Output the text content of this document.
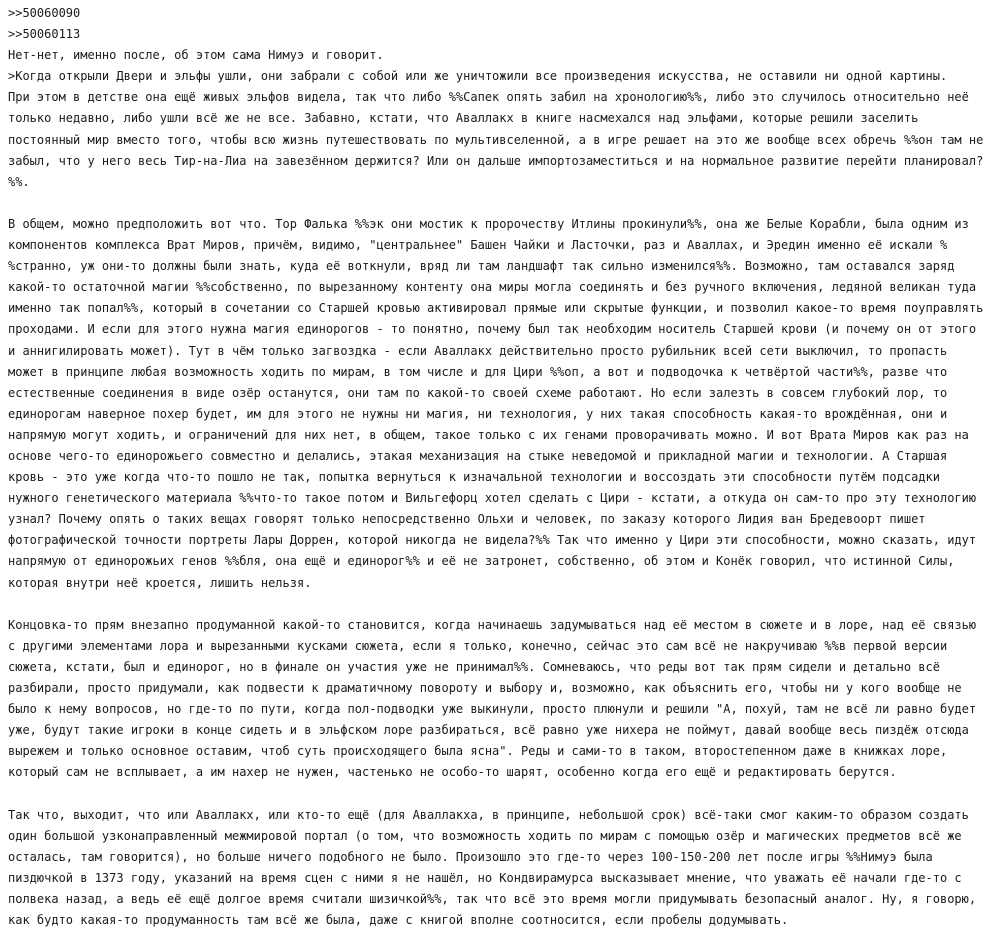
>>50060090
>>50060113
Нет-нет, именно после, об этом сама Нимуэ и говорит.
>Когда открыли Двери и эльфы ушли, они забрали с собой или же уничтожили все произведения искусства, не оставили ни одной картины.
При этом в детстве она ещё живых эльфов видела, так что либо %%Сапек опять забил на хронологию%%, либо это случилось относительно неё
только недавно, либо ушли всё же не все. Забавно, кстати, что Аваллакх в книге насмехался над эльфами, которые решили заселить
постоянный мир вместо того, чтобы всю жизнь путешествовать по мультивселенной, а в игре решает на это же вообще всех обречь %%он там не
забыл, что у него весь Тир-на-Лиа на завезённом держится? Или он дальше импортозаместиться и на нормальное развитие перейти планировал?
%%.
В общем, можно предположить вот что. Тор Фалька %%эк они мостик к пророчеству Итлины прокинули%%, она же Белые Корабли, была одним из
компонентов комплекса Врат Миров, причём, видимо, "центральнее" Башен Чайки и Ласточки, раз и Аваллах, и Эредин именно её искали %
%странно, уж они-то должны были знать, куда её воткнули, вряд ли там ландшафт так сильно изменился%%. Возможно, там оставался заряд
какой-то остаточной магии %%собственно, по вырезанному контенту она миры могла соединять и без ручного включения, ледяной великан туда
именно так попал%%, который в сочетании со Старшей кровью активировал прямые или скрытые функции, и позволил какое-то время поуправлять
проходами. И если для этого нужна магия единорогов - то понятно, почему был так необходим носитель Старшей крови (и почему он от этого
и аннигилировать может). Тут в чём только загвоздка - если Аваллакх действительно просто рубильник всей сети выключил, то пропасть
может в принципе любая возможность ходить по мирам, в том числе и для Цири %%оп, а вот и подводочка к четвёртой части%%, разве что
естественные соединения в виде озёр останутся, они там по какой-то своей схеме работают. Но если залезть в совсем глубокий лор, то
единорогам наверное похер будет, им для этого не нужны ни магия, ни технология, у них такая способность какая-то врождённая, они и
напрямую могут ходить, и ограничений для них нет, в общем, такое только с их генами проворачивать можно. И вот Врата Миров как раз на
основе чего-то единорожьего совместно и делались, этакая механизация на стыке неведомой и прикладной магии и технологии. А Старшая
кровь - это уже когда что-то пошло не так, попытка вернуться к изначальной технологии и воссоздать эти способности путём подсадки
нужного генетического материала %%что-то такое потом и Вильгефорц хотел сделать с Цири - кстати, а откуда он сам-то про эту технологию
узнал? Почему опять о таких вещах говорят только непосредственно Ольхи и человек, по заказу которого Лидия ван Бредевоорт пишет
фотографической точности портреты Лары Доррен, которой никогда не видела?%% Так что именно у Цири эти способности, можно сказать, идут
напрямую от единорожьих генов %%бля, она ещё и единорог%% и её не затронет, собственно, об этом и Конёк говорил, что истинной Силы,
которая внутри неё кроется, лишить нельзя.
Концовка-то прям внезапно продуманной какой-то становится, когда начинаешь задумываться над её местом в сюжете и в лоре, над её связью
с другими элементами лора и вырезанными кусками сюжета, если я только, конечно, сейчас это сам всё не накручиваю %%в первой версии
сюжета, кстати, был и единорог, но в финале он участия уже не принимал%%. Сомневаюсь, что реды вот так прям сидели и детально всё
разбирали, просто придумали, как подвести к драматичному повороту и выбору и, возможно, как объяснить его, чтобы ни у кого вообще не
было к нему вопросов, но где-то по пути, когда пол-подводки уже выкинули, просто плюнули и решили "А, похуй, там не всё ли равно будет
уже, будут такие игроки в конце сидеть и в эльфском лоре разбираться, всё равно уже нихера не поймут, давай вообще весь пиздёж отсюда
вырежем и только основное оставим, чтоб суть происходящего была ясна". Реды и сами-то в таком, второстепенном даже в книжках лоре,
который сам не всплывает, а им нахер не нужен, частенько не особо-то шарят, особенно когда его ещё и редактировать берутся.
Так что, выходит, что или Аваллакх, или кто-то ещё (для Аваллакха, в принципе, небольшой срок) всё-таки смог каким-то образом создать
один большой узконаправленный межмировой портал (о том, что возможность ходить по мирам с помощью озёр и магических предметов всё же
осталась, там говорится), но больше ничего подобного не было. Произошло это где-то через 100-150-200 лет после игры %%Нимуэ была
пиздючкой в 1373 году, указаний на время сцен с ними я не нашёл, но Кондвирамурса высказывает мнение, что уважать её начали где-то с
полвека назад, а ведь её ещё долгое время считали шизичкой%%, так что всё это время могли придумывать безопасный аналог. Ну, я говорю,
как будто какая-то продуманность там всё же была, даже с книгой вполне соотносится, если пробелы додумывать.
